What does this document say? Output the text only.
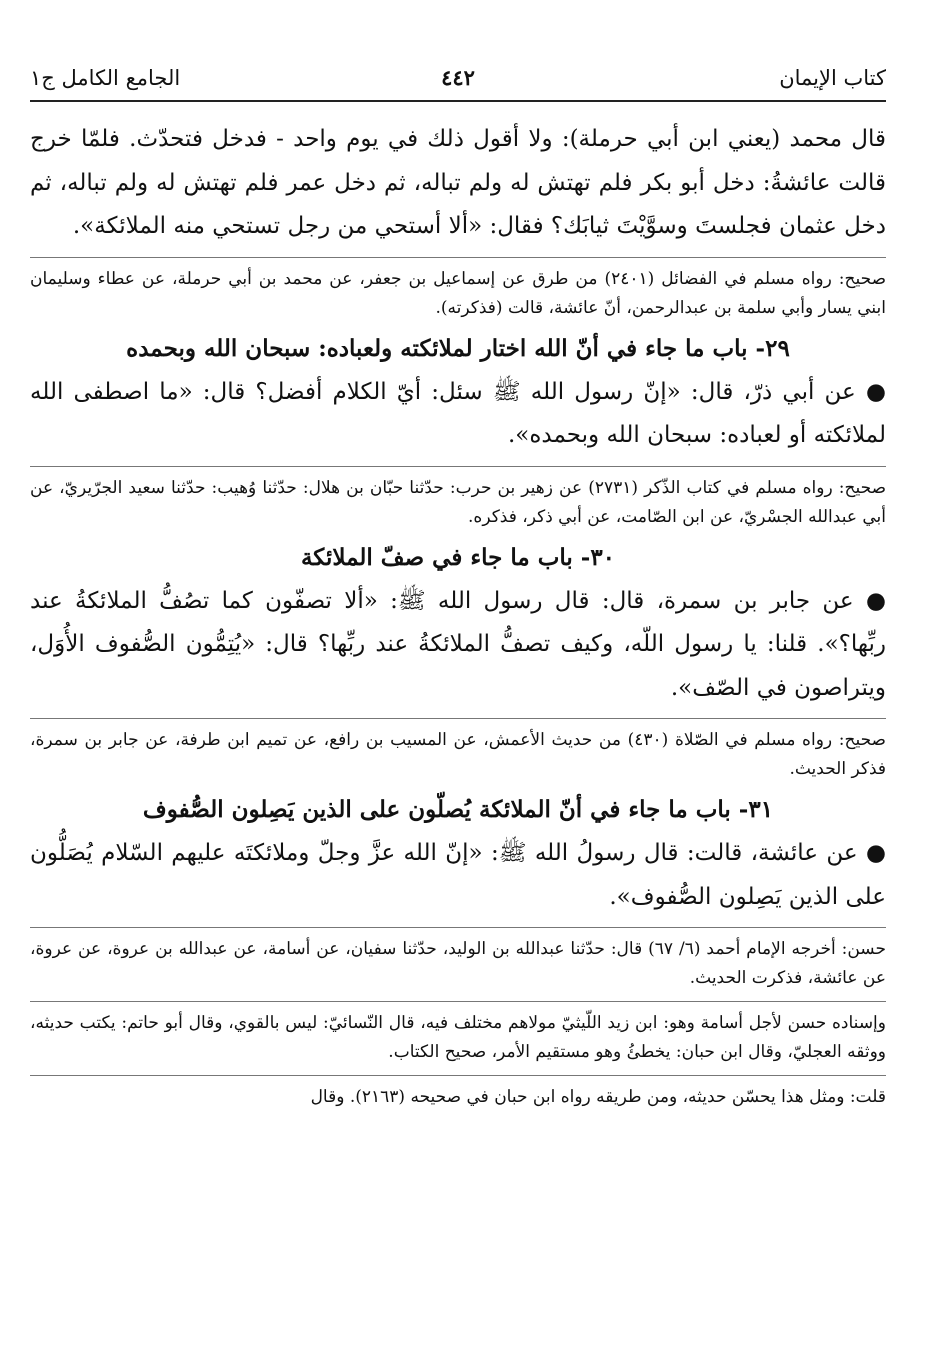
كتاب الإيمان
٤٤٢
الجامع الكامل ج١

قال محمد (يعني ابن أبي حرملة): ولا أقول ذلك في يوم واحد - فدخل فتحدّث. فلمّا خرج قالت عائشةُ: دخل أبو بكر فلم تهتش له ولم تباله، ثم دخل عمر فلم تهتش له ولم تباله، ثم دخل عثمان فجلستَ وسوَّيْتَ ثيابَك؟ فقال: «ألا أستحي من رجل تستحي منه الملائكة».

صحيح: رواه مسلم في الفضائل (٢٤٠١) من طرق عن إسماعيل بن جعفر، عن محمد بن أبي حرملة، عن عطاء وسليمان ابني يسار وأبي سلمة بن عبدالرحمن، أنّ عائشة، قالت (فذكرته).

٢٩- باب ما جاء في أنّ الله اختار لملائكته ولعباده: سبحان الله وبحمده

● عن أبي ذرّ، قال: «إنّ رسول الله ﷺ سئل: أيّ الكلام أفضل؟ قال: «ما اصطفى الله لملائكته أو لعباده: سبحان الله وبحمده».

صحيح: رواه مسلم في كتاب الذّكر (٢٧٣١) عن زهير بن حرب: حدّثنا حبّان بن هلال: حدّثنا وُهيب: حدّثنا سعيد الجرّيريّ، عن أبي عبدالله الجسْريّ، عن ابن الصّامت، عن أبي ذكر، فذكره.

٣٠- باب ما جاء في صفّ الملائكة

● عن جابر بن سمرة، قال: قال رسول الله ﷺ: «ألا تصفّون كما تصُفُّ الملائكةُ عند ربِّها؟». قلنا: يا رسول اللّه، وكيف تصفُّ الملائكةُ عند ربِّها؟ قال: «يُتِمُّون الصُّفوف الأُوَل، ويتراصون في الصّف».

صحيح: رواه مسلم في الصّلاة (٤٣٠) من حديث الأعمش، عن المسيب بن رافع، عن تميم ابن طرفة، عن جابر بن سمرة، فذكر الحديث.

٣١- باب ما جاء في أنّ الملائكة يُصلّون على الذين يَصِلون الصُّفوف

● عن عائشة، قالت: قال رسولُ الله ﷺ: «إنّ الله عزَّ وجلّ وملائكتَه عليهم السّلام يُصَلُّون على الذين يَصِلون الصُّفوف».

حسن: أخرجه الإمام أحمد (٦/ ٦٧) قال: حدّثنا عبدالله بن الوليد، حدّثنا سفيان، عن أسامة، عن عبدالله بن عروة، عن عروة، عن عائشة، فذكرت الحديث.

وإسناده حسن لأجل أسامة وهو: ابن زيد اللّيثيّ مولاهم مختلف فيه، قال النّسائيّ: ليس بالقوي، وقال أبو حاتم: يكتب حديثه، ووثقه العجليّ، وقال ابن حبان: يخطئُ وهو مستقيم الأمر، صحيح الكتاب.

قلت: ومثل هذا يحسّن حديثه، ومن طريقه رواه ابن حبان في صحيحه (٢١٦٣). وقال
